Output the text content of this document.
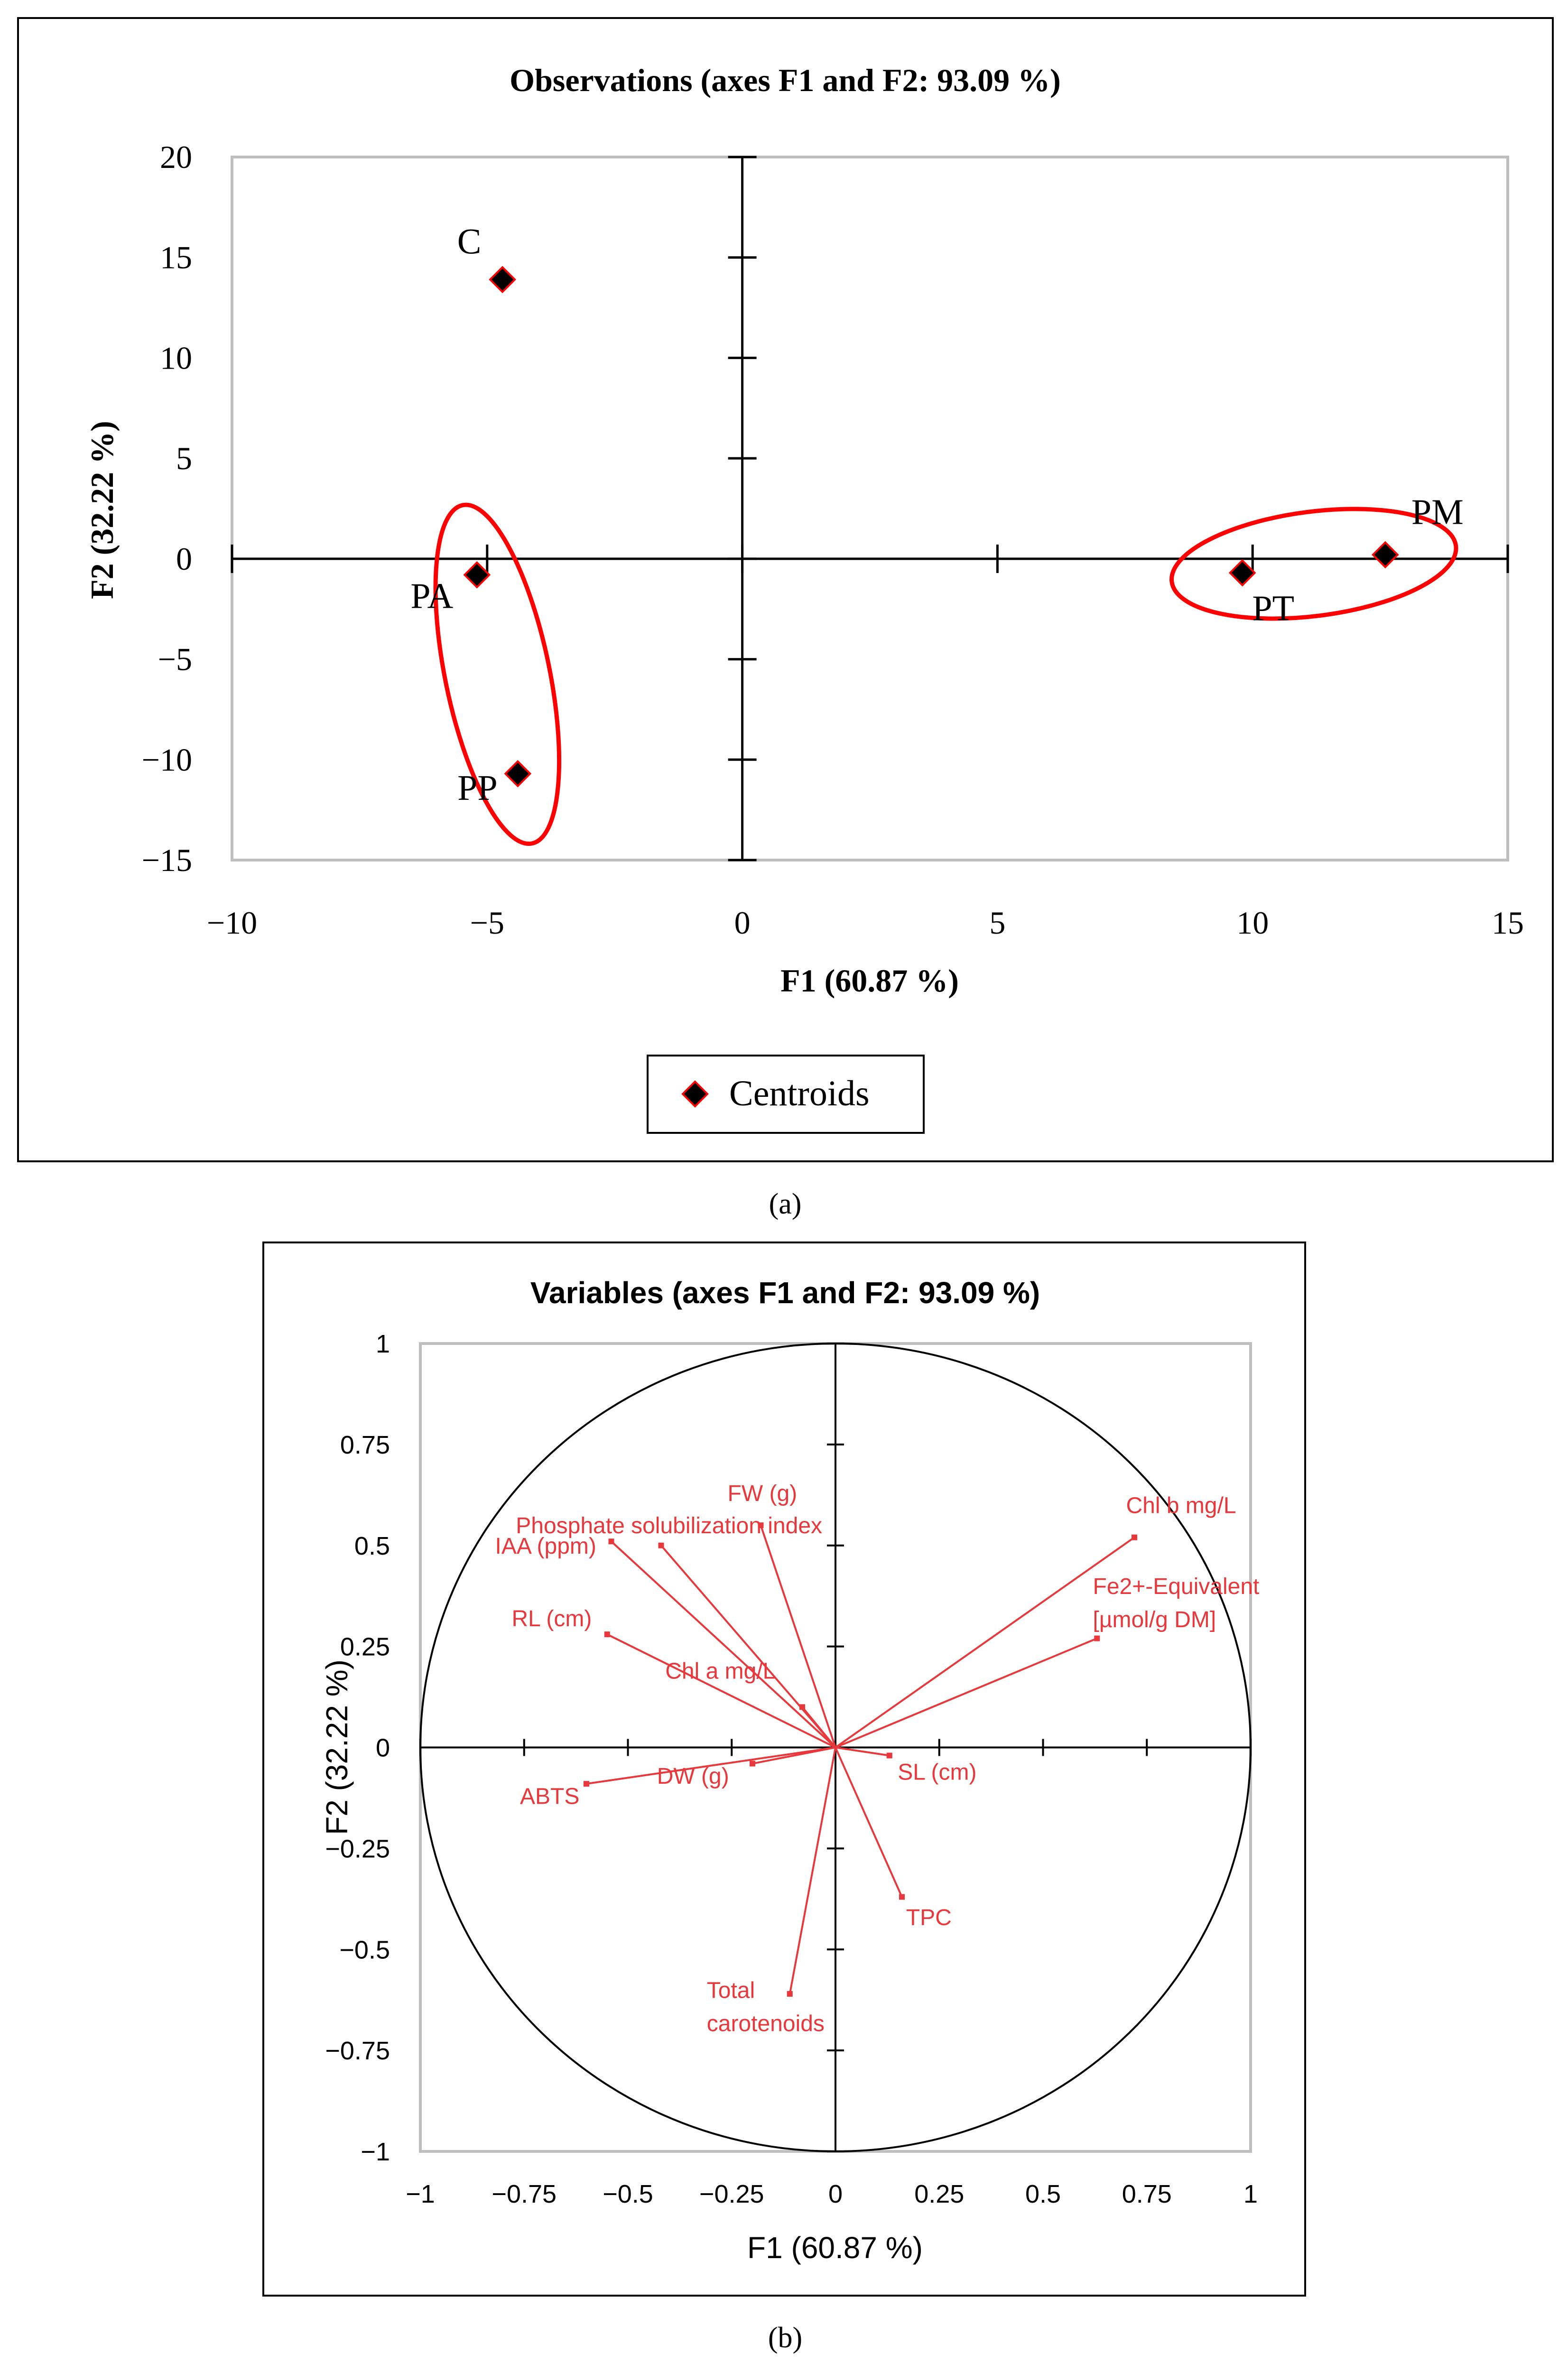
Observations (axes F1 and F2: 93.09 %)
−10	−5	0	5	10	15
20
15
10
5
0
−5
−10
−15
C
PA
PP
PT
PM
F1 (60.87 %)
F2 (32.22 %)
Centroids
(a)
Variables (axes F1 and F2: 93.09 %)
−1 −0.75 −0.5 −0.25	0	0.25 0.5 0.75	1
1
0.75
0.5
0.25
0
−0.25
−0.5
−0.75
−1
Chl b mg/L
Fe2+-Equivalent
[µmol/g DM]
FW (g)
Phosphate solubilization index
IAA (ppm)
RL (cm)
Chl a mg/L
ABTS
DW (g)	SL (cm)
TPC
Total
carotenoids
F1 (60.87 %)
F2 (32.22 %)
(b)
